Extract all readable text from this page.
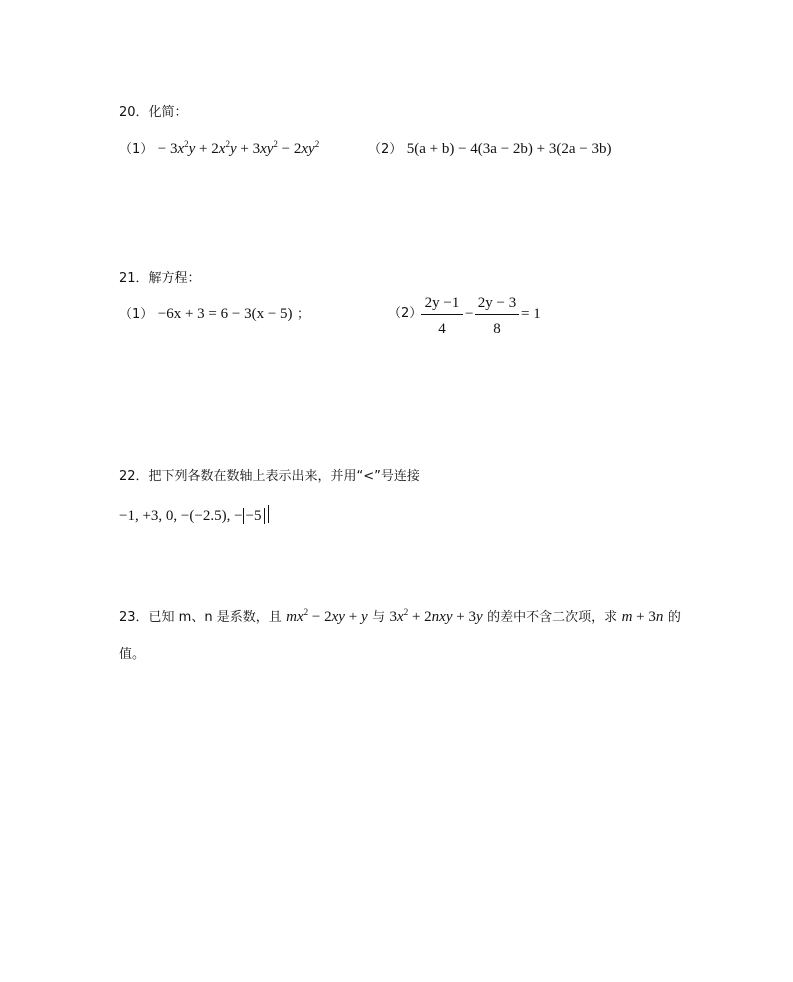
20．化简：
$(1) - 3x^2y + 2x^2y + 3xy^2 - 2xy^2$	（2） 5(a + b) − 4(3a − 2b) + 3(2a − 3b)
21．解方程：
（1） −6x + 3 = 6 − 3(x − 5) ；	（2）
$\frac{2y -1}{4} - \frac{2y - 3}{8} = 1$
22．把下列各数在数轴上表示出来，并用“<”号连接
−1, +3, 0, −(−2.5), − −5
23．已知 m、n 是系数，且 $mx^2 - 2xy + y$ 与 $3x^2 + 2nxy + 3y$ 的差中不含二次项，求 m + 3n 的
值。
